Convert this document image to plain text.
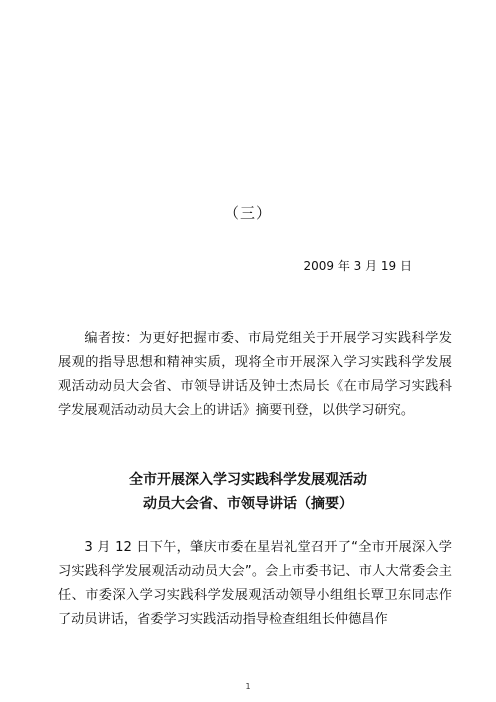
（三）
2009 年 3 月 19 日

编者按：为更好把握市委、市局党组关于开展学习实践科学发展观的指导思想和精神实质，现将全市开展深入学习实践科学发展观活动动员大会省、市领导讲话及钟士杰局长《在市局学习实践科学发展观活动动员大会上的讲话》摘要刊登，以供学习研究。

全市开展深入学习实践科学发展观活动
动员大会省、市领导讲话（摘要）

3 月 12 日下午，肇庆市委在星岩礼堂召开了“全市开展深入学习实践科学发展观活动动员大会”。会上市委书记、市人大常委会主任、市委深入学习实践科学发展观活动领导小组组长覃卫东同志作了动员讲话，省委学习实践活动指导检查组组长仲德昌作

1
